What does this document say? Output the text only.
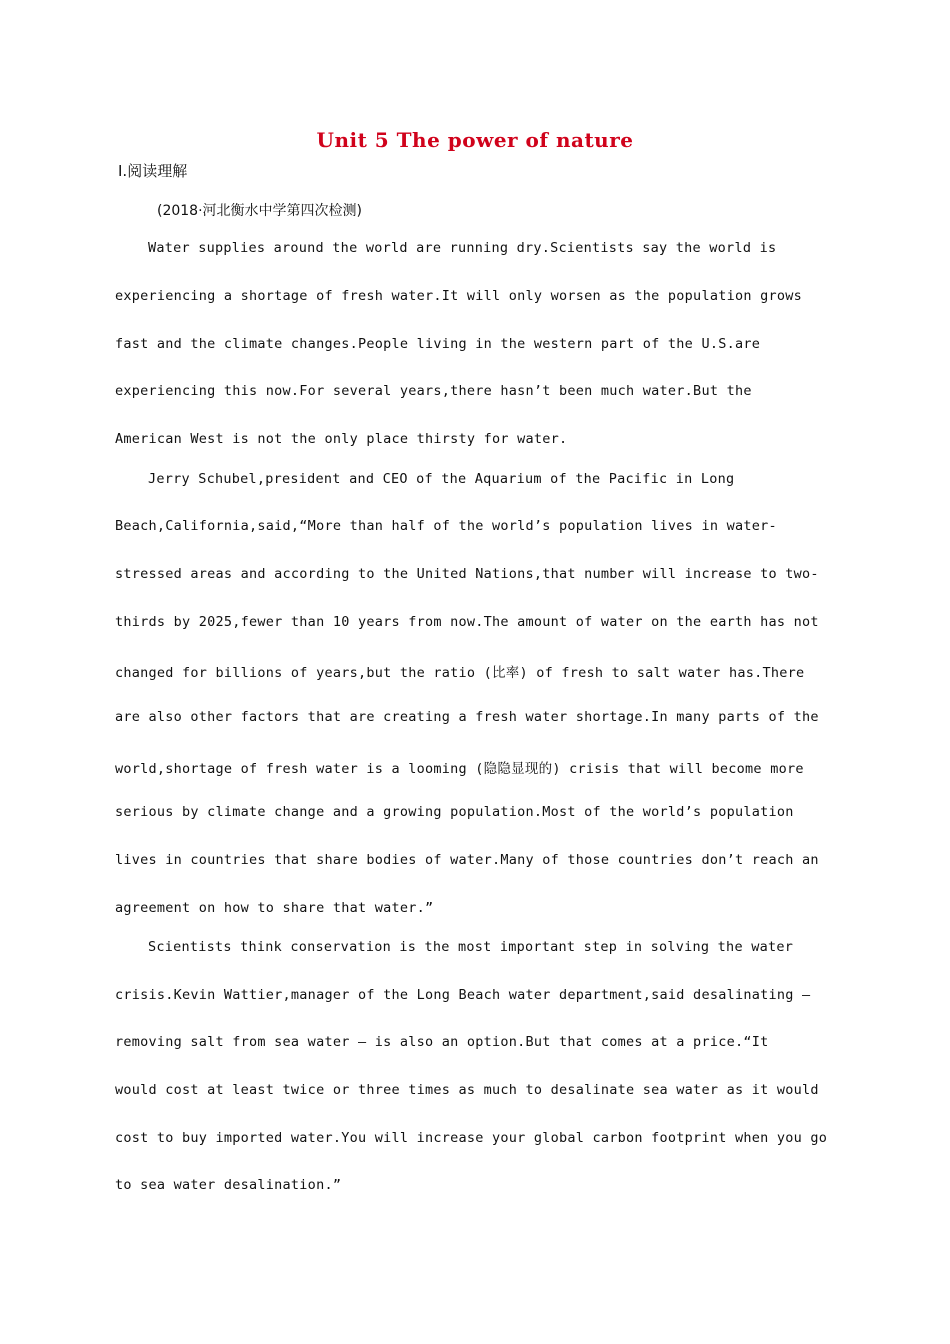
Unit 5 The power of nature
Ⅰ.阅读理解
(2018·河北衡水中学第四次检测)
Water supplies around the world are running dry.Scientists say the world is
experiencing a shortage of fresh water.It will only worsen as the population grows
fast and the climate changes.People living in the western part of the U.S.are
experiencing this now.For several years,there hasn’t been much water.But the
American West is not the only place thirsty for water.
Jerry Schubel,president and CEO of the Aquarium of the Pacific in Long
Beach,California,said,“More than half of the world’s population lives in water-
stressed areas and according to the United Nations,that number will increase to two-
thirds by 2025,fewer than 10 years from now.The amount of water on the earth has not
changed for billions of years,but the ratio (比率) of fresh to salt water has.There
are also other factors that are creating a fresh water shortage.In many parts of the
world,shortage of fresh water is a looming (隐隐显现的) crisis that will become more
serious by climate change and a growing population.Most of the world’s population
lives in countries that share bodies of water.Many of those countries don’t reach an
agreement on how to share that water.”
Scientists think conservation is the most important step in solving the water
crisis.Kevin Wattier,manager of the Long Beach water department,said desalinating —
removing salt from sea water — is also an option.But that comes at a price.“It
would cost at least twice or three times as much to desalinate sea water as it would
cost to buy imported water.You will increase your global carbon footprint when you go
to sea water desalination.”
